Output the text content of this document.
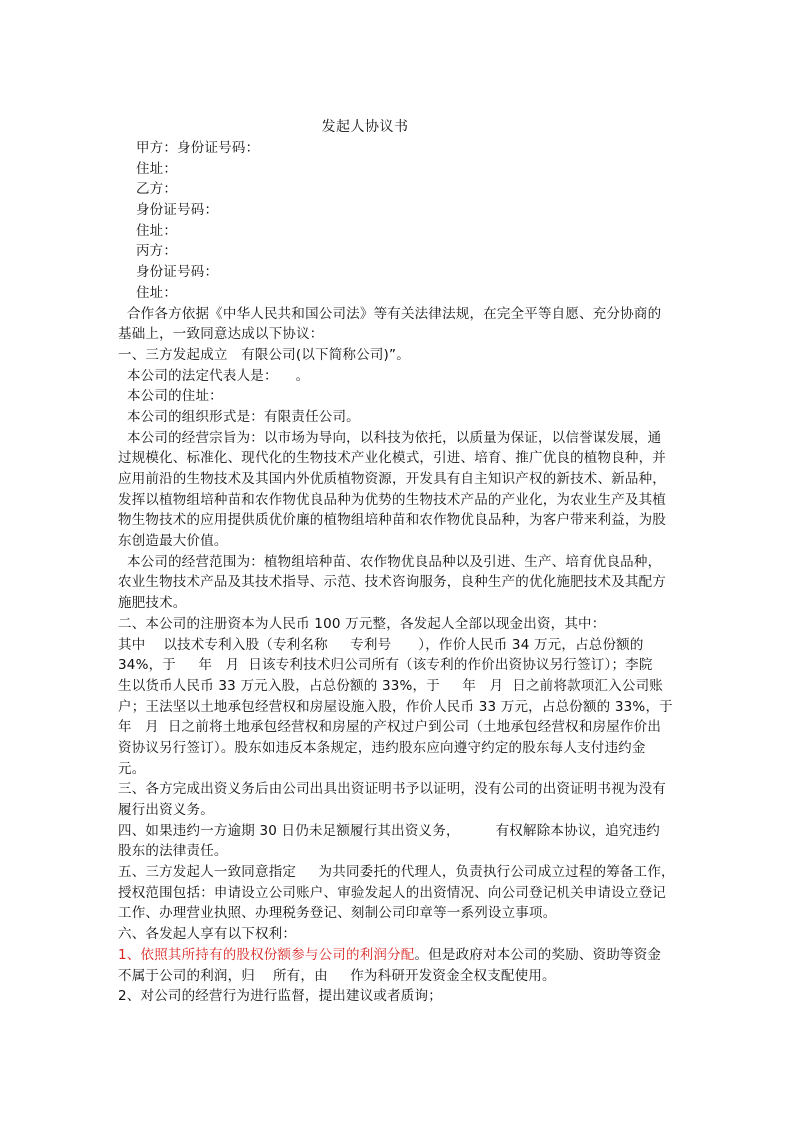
发起人协议书
甲方：身份证号码：
住址：
乙方：
身份证号码：
住址：
丙方：
身份证号码：
住址：
合作各方依据《中华人民共和国公司法》等有关法律法规，在完全平等自愿、充分协商的
基础上，一致同意达成以下协议：
一、三方发起成立   有限公司(以下简称公司)”。
本公司的法定代表人是：    。
本公司的住址：
本公司的组织形式是：有限责任公司。
本公司的经营宗旨为：以市场为导向，以科技为依托，以质量为保证，以信誉谋发展，通
过规模化、标准化、现代化的生物技术产业化模式，引进、培育、推广优良的植物良种，并
应用前沿的生物技术及其国内外优质植物资源，开发具有自主知识产权的新技术、新品种，
发挥以植物组培种苗和农作物优良品种为优势的生物技术产品的产业化，为农业生产及其植
物生物技术的应用提供质优价廉的植物组培种苗和农作物优良品种，为客户带来利益，为股
东创造最大价值。
本公司的经营范围为：植物组培种苗、农作物优良品种以及引进、生产、培育优良品种，
农业生物技术产品及其技术指导、示范、技术咨询服务，良种生产的优化施肥技术及其配方
施肥技术。
二、本公司的注册资本为人民币 100 万元整，各发起人全部以现金出资，其中：
其中    以技术专利入股（专利名称     专利号      ），作价人民币 34 万元，占总份额的
34%，于     年   月  日该专利技术归公司所有（该专利的作价出资协议另行签订）；李院
生以货币人民币 33 万元入股，占总份额的 33%，于     年   月  日之前将款项汇入公司账
户；王法坚以土地承包经营权和房屋设施入股，作价人民币 33 万元，占总份额的 33%，于
年   月  日之前将土地承包经营权和房屋的产权过户到公司（土地承包经营权和房屋作价出
资协议另行签订）。股东如违反本条规定，违约股东应向遵守约定的股东每人支付违约金
元。
三、各方完成出资义务后由公司出具出资证明书予以证明，没有公司的出资证明书视为没有
履行出资义务。
四、如果违约一方逾期 30 日仍未足额履行其出资义务，        有权解除本协议，追究违约
股东的法律责任。
五、三方发起人一致同意指定     为共同委托的代理人，负责执行公司成立过程的筹备工作，
授权范围包括：申请设立公司账户、审验发起人的出资情况、向公司登记机关申请设立登记
工作、办理营业执照、办理税务登记、刻制公司印章等一系列设立事项。
六、各发起人享有以下权利：
1、依照其所持有的股权份额参与公司的利润分配。但是政府对本公司的奖励、资助等资金
不属于公司的利润，归    所有，由     作为科研开发资金全权支配使用。
2、对公司的经营行为进行监督，提出建议或者质询；
